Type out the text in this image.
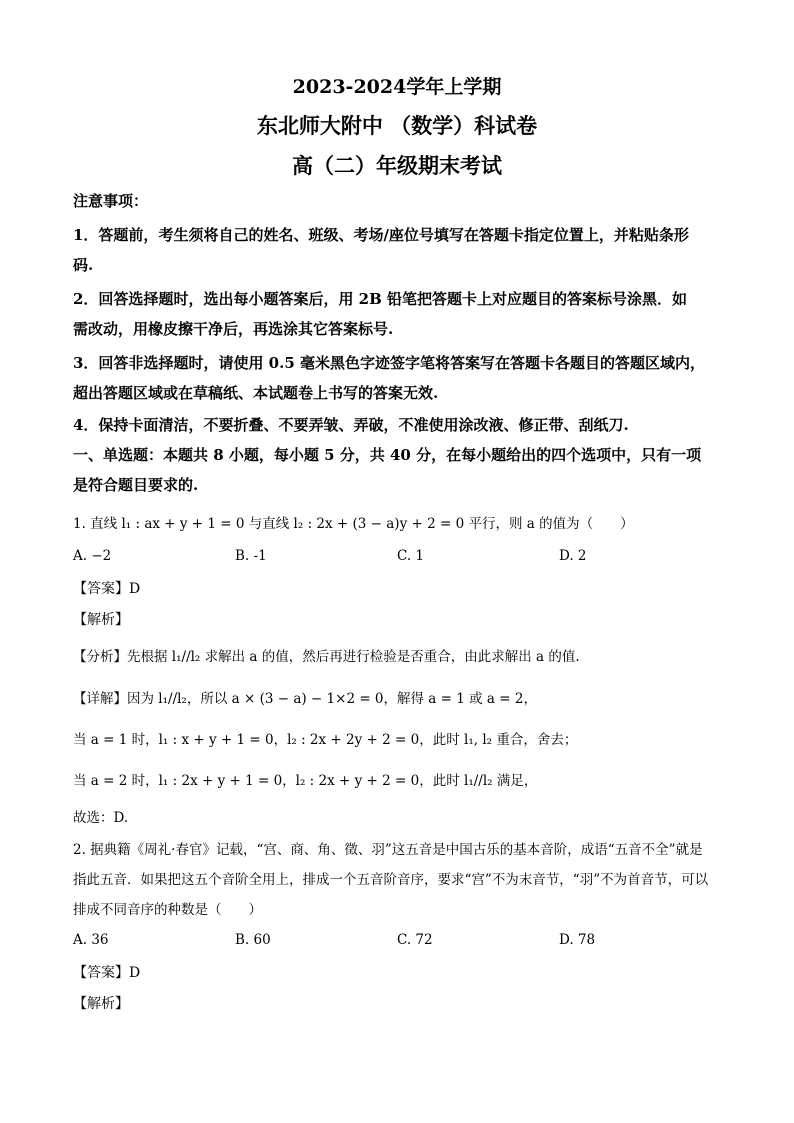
2023-2024学年上学期
东北师大附中 （数学）科试卷
高（二）年级期末考试
注意事项：
1．答题前，考生须将自己的姓名、班级、考场/座位号填写在答题卡指定位置上，并粘贴条形
码.
2．回答选择题时，选出每小题答案后，用 2B 铅笔把答题卡上对应题目的答案标号涂黑．如
需改动，用橡皮擦干净后，再选涂其它答案标号.
3．回答非选择题时，请使用 0.5 毫米黑色字迹签字笔将答案写在答题卡各题目的答题区域内，
超出答题区域或在草稿纸、本试题卷上书写的答案无效.
4．保持卡面清洁，不要折叠、不要弄皱、弄破，不准使用涂改液、修正带、刮纸刀.
一、单选题：本题共 8 小题，每小题 5 分，共 40 分，在每小题给出的四个选项中，只有一项
是符合题目要求的.
1. 直线 l₁ : ax + y + 1 = 0 与直线 l₂ : 2x + (3 − a)y + 2 = 0 平行，则 a 的值为（　　）
A. −2	B. -1	C. 1	D. 2
【答案】D
【解析】
【分析】先根据 l₁//l₂ 求解出 a 的值，然后再进行检验是否重合，由此求解出 a 的值.
【详解】因为 l₁//l₂，所以 a × (3 − a) − 1×2 = 0，解得 a = 1 或 a = 2，
当 a = 1 时，l₁ : x + y + 1 = 0，l₂ : 2x + 2y + 2 = 0，此时 l₁, l₂ 重合，舍去；
当 a = 2 时，l₁ : 2x + y + 1 = 0，l₂ : 2x + y + 2 = 0，此时 l₁//l₂ 满足，
故选：D.
2. 据典籍《周礼·春官》记载，“宫、商、角、徵、羽”这五音是中国古乐的基本音阶，成语“五音不全”就是
指此五音．如果把这五个音阶全用上，排成一个五音阶音序，要求“宫”不为末音节，“羽”不为首音节，可以
排成不同音序的种数是（　　）
A. 36	B. 60	C. 72	D. 78
【答案】D
【解析】
